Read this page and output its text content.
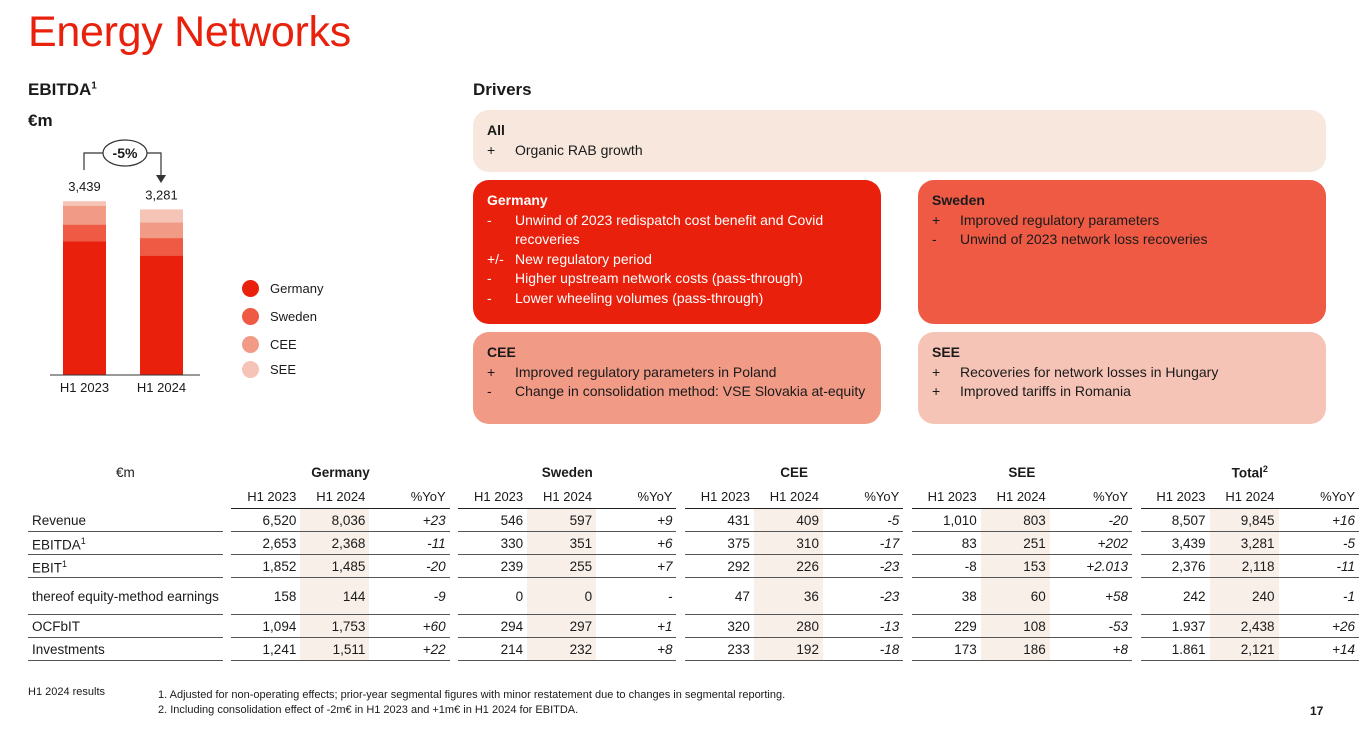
Energy Networks
EBITDA$^1$
€m
Drivers
3,439
H1 2023
3,281
H1 2024
-5%
Germany
Sweden
CEE
SEE
All
+	Organic RAB growth
Germany
-	Unwind of 2023 redispatch cost benefit and Covid recoveries
+/- New regulatory period
-	Higher upstream network costs (pass-through)
-	Lower wheeling volumes (pass-through)
Sweden
+	Improved regulatory parameters
-	Unwind of 2023 network loss recoveries
CEE
+	Improved regulatory parameters in Poland
-	Change in consolidation method: VSE Slovakia at-equity
SEE
+	Recoveries for network losses in Hungary
+	Improved tariffs in Romania
€m		Germany				Sweden				CEE				SEE				Total$^2$
		H1 2023	H1 2024	%YoY		H1 2023	H1 2024	%YoY		H1 2023	H1 2024	%YoY		H1 2023	H1 2024	%YoY		H1 2023	H1 2024	%YoY
Revenue		6,520	8,036	+23		546	597	+9		431	409	-5		1,010	803	-20		8,507	9,845	+16
EBITDA$^1$		2,653	2,368	-11		330	351	+6		375	310	-17		83	251	+202		3,439	3,281	-5
EBIT$^1$		1,852	1,485	-20		239	255	+7		292	226	-23		-8	153	+2.013		2,376	2,118	-11
thereof equity-method earnings		158	144	-9		0	0	-		47	36	-23		38	60	+58		242	240	-1
OCFbIT		1,094	1,753	+60		294	297	+1		320	280	-13		229	108	-53		1.937	2,438	+26
Investments		1,241	1,511	+22		214	232	+8		233	192	-18		173	186	+8		1.861	2,121	+14
H1 2024 results	1. Adjusted for non-operating effects; prior-year segmental figures with minor restatement due to changes in segmental reporting.
2. Including consolidation effect of -2m€ in H1 2023 and +1m€ in H1 2024 for EBITDA.	17
